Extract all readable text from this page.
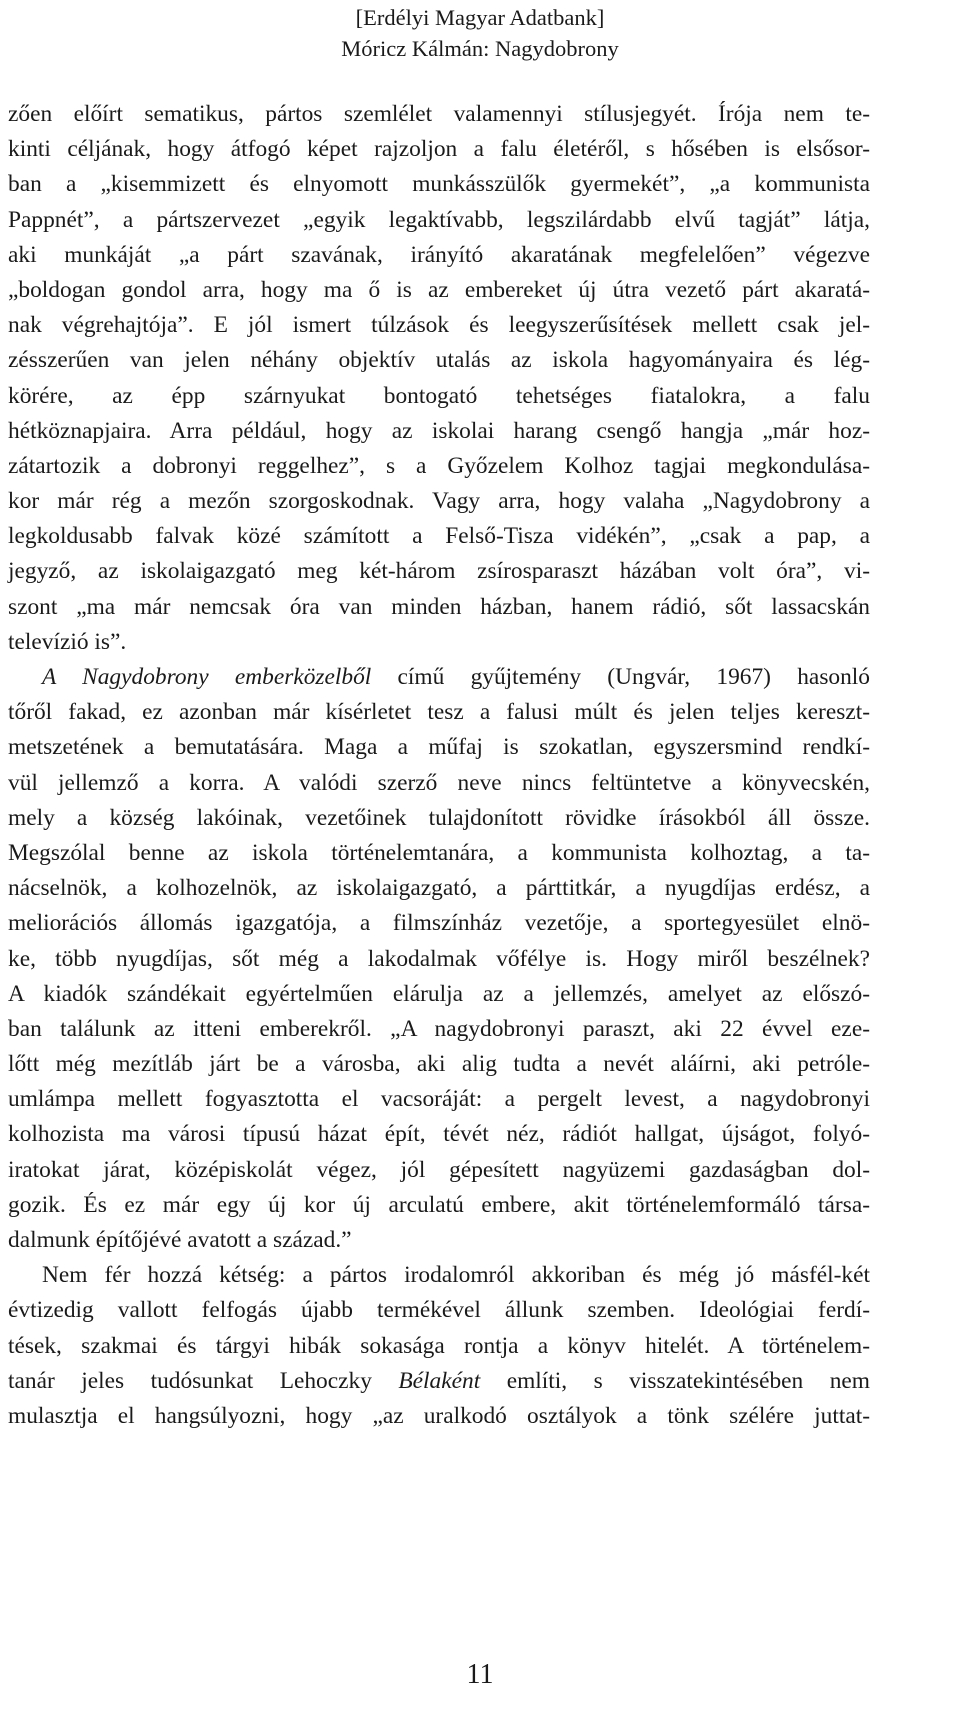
[Erdélyi Magyar Adatbank]
Móricz Kálmán: Nagydobrony
zően előírt sematikus, pártos szemlélet valamennyi stílusjegyét. Írója nem te-
kinti céljának, hogy átfogó képet rajzoljon a falu életéről, s hősében is elsősor-
ban a „kisemmizett és elnyomott munkásszülők gyermekét”, „a kommunista
Pappnét”, a pártszervezet „egyik legaktívabb, legszilárdabb elvű tagját” látja,
aki munkáját „a párt szavának, irányító akaratának megfelelően” végezve
„boldogan gondol arra, hogy ma ő is az embereket új útra vezető párt akaratá-
nak végrehajtója”. E jól ismert túlzások és leegyszerűsítések mellett csak jel-
zésszerűen van jelen néhány objektív utalás az iskola hagyományaira és lég-
körére, az épp szárnyukat bontogató tehetséges fiatalokra, a falu
hétköznapjaira. Arra például, hogy az iskolai harang csengő hangja „már hoz-
zátartozik a dobronyi reggelhez”, s a Győzelem Kolhoz tagjai megkondulása-
kor már rég a mezőn szorgoskodnak. Vagy arra, hogy valaha „Nagydobrony a
legkoldusabb falvak közé számított a Felső-Tisza vidékén”, „csak a pap, a
jegyző, az iskolaigazgató meg két-három zsírosparaszt házában volt óra”, vi-
szont „ma már nemcsak óra van minden házban, hanem rádió, sőt lassacskán
televízió is”.
A Nagydobrony emberközelből című gyűjtemény (Ungvár, 1967) hasonló
tőről fakad, ez azonban már kísérletet tesz a falusi múlt és jelen teljes kereszt-
metszetének a bemutatására. Maga a műfaj is szokatlan, egyszersmind rendkí-
vül jellemző a korra. A valódi szerző neve nincs feltüntetve a könyvecskén,
mely a község lakóinak, vezetőinek tulajdonított rövidke írásokból áll össze.
Megszólal benne az iskola történelemtanára, a kommunista kolhoztag, a ta-
nácselnök, a kolhozelnök, az iskolaigazgató, a párttitkár, a nyugdíjas erdész, a
meliorációs állomás igazgatója, a filmszínház vezetője, a sportegyesület elnö-
ke, több nyugdíjas, sőt még a lakodalmak vőfélye is. Hogy miről beszélnek?
A kiadók szándékait egyértelműen elárulja az a jellemzés, amelyet az előszó-
ban találunk az itteni emberekről. „A nagydobronyi paraszt, aki 22 évvel eze-
lőtt még mezítláb járt be a városba, aki alig tudta a nevét aláírni, aki petróle-
umlámpa mellett fogyasztotta el vacsoráját: a pergelt levest, a nagydobronyi
kolhozista ma városi típusú házat épít, tévét néz, rádiót hallgat, újságot, folyó-
iratokat járat, középiskolát végez, jól gépesített nagyüzemi gazdaságban dol-
gozik. És ez már egy új kor új arculatú embere, akit történelemformáló társa-
dalmunk építőjévé avatott a század.”
Nem fér hozzá kétség: a pártos irodalomról akkoriban és még jó másfél-két
évtizedig vallott felfogás újabb termékével állunk szemben. Ideológiai ferdí-
tések, szakmai és tárgyi hibák sokasága rontja a könyv hitelét. A történelem-
tanár jeles tudósunkat Lehoczky Bélaként említi, s visszatekintésében nem
mulasztja el hangsúlyozni, hogy „az uralkodó osztályok a tönk szélére juttat-
11
